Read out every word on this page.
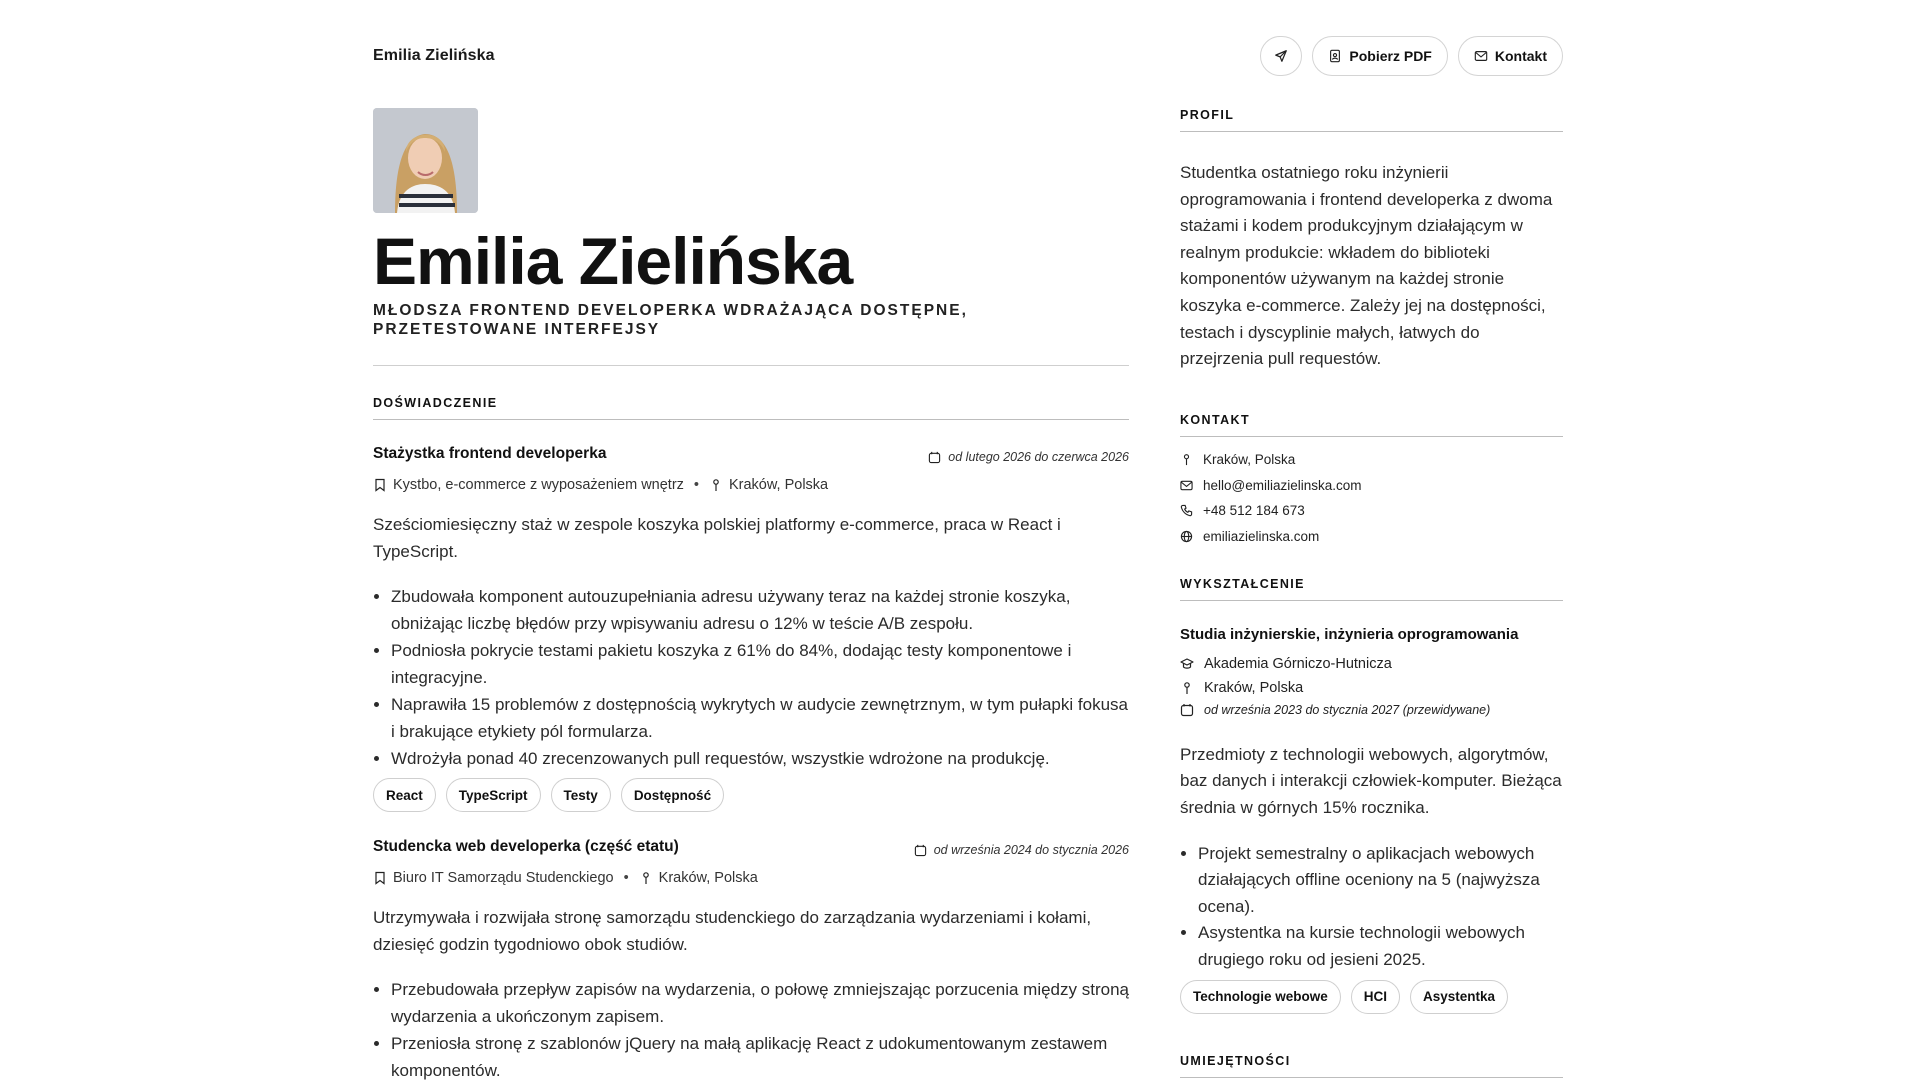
Emilia Zielińska	Pobierz PDF	Kontakt
Emilia Zielińska
MŁODSZA FRONTEND DEVELOPERKA WDRAŻAJĄCA DOSTĘPNE, PRZETESTOWANE INTERFEJSY
DOŚWIADCZENIE
Stażystka frontend developerka	od lutego 2026 do czerwca 2026
Kystbo, e-commerce z wyposażeniem wnętrz • Kraków, Polska
Sześciomiesięczny staż w zespole koszyka polskiej platformy e-commerce, praca w React i TypeScript.
• Zbudowała komponent autouzupełniania adresu używany teraz na każdej stronie koszyka, obniżając liczbę błędów przy wpisywaniu adresu o 12% w teście A/B zespołu.
• Podniosła pokrycie testami pakietu koszyka z 61% do 84%, dodając testy komponentowe i integracyjne.
• Naprawiła 15 problemów z dostępnością wykrytych w audycie zewnętrznym, w tym pułapki fokusa i brakujące etykiety pól formularza.
• Wdrożyła ponad 40 zrecenzowanych pull requestów, wszystkie wdrożone na produkcję.
React	TypeScript	Testy	Dostępność
Studencka web developerka (część etatu)	od września 2024 do stycznia 2026
Biuro IT Samorządu Studenckiego • Kraków, Polska
Utrzymywała i rozwijała stronę samorządu studenckiego do zarządzania wydarzeniami i kołami, dziesięć godzin tygodniowo obok studiów.
• Przebudowała przepływ zapisów na wydarzenia, o połowę zmniejszając porzucenia między stroną wydarzenia a ukończonym zapisem.
• Przeniosła stronę z szablonów jQuery na małą aplikację React z udokumentowanym zestawem komponentów.
PROFIL
Studentka ostatniego roku inżynierii oprogramowania i frontend developerka z dwoma stażami i kodem produkcyjnym działającym w realnym produkcie: wkładem do biblioteki komponentów używanym na każdej stronie koszyka e-commerce. Zależy jej na dostępności, testach i dyscyplinie małych, łatwych do przejrzenia pull requestów.
KONTAKT
Kraków, Polska
hello@emiliazielinska.com
+48 512 184 673
emiliazielinska.com
WYKSZTAŁCENIE
Studia inżynierskie, inżynieria oprogramowania
Akademia Górniczo-Hutnicza
Kraków, Polska
od września 2023 do stycznia 2027 (przewidywane)
Przedmioty z technologii webowych, algorytmów, baz danych i interakcji człowiek-komputer. Bieżąca średnia w górnych 15% rocznika.
• Projekt semestralny o aplikacjach webowych działających offline oceniony na 5 (najwyższa ocena).
• Asystentka na kursie technologii webowych drugiego roku od jesieni 2025.
Technologie webowe	HCI	Asystentka
UMIEJĘTNOŚCI
